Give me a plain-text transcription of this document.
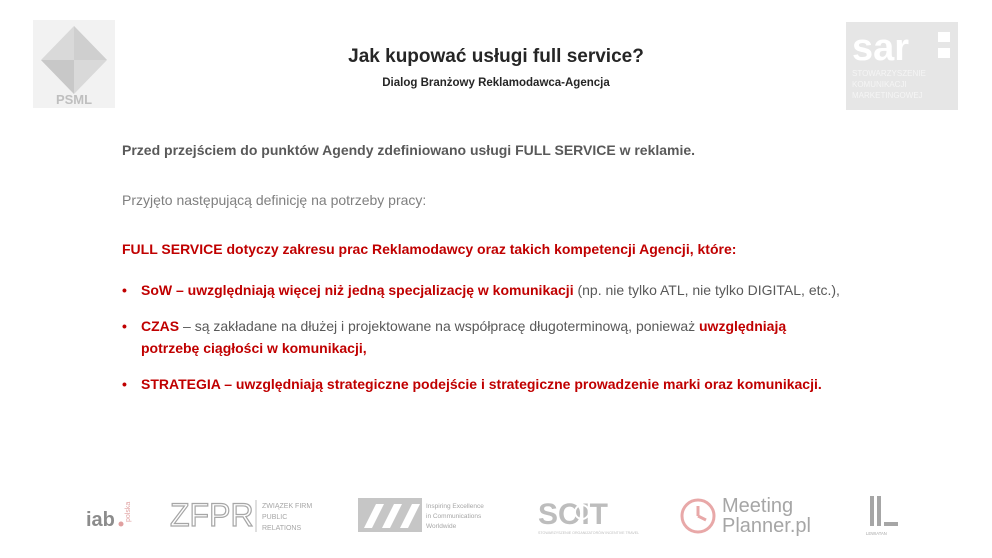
PSML
sar
STOWARZYSZENIE
KOMUNIKACJI
MARKETINGOWEJ
Jak kupować usługi full service?
Dialog Branżowy Reklamodawca-Agencja
Przed przejściem do punktów Agendy zdefiniowano usługi FULL SERVICE w reklamie.
Przyjęto następującą definicję na potrzeby pracy:
FULL SERVICE dotyczy zakresu prac Reklamodawcy oraz takich kompetencji Agencji, które:
• SoW – uwzględniają więcej niż jedną specjalizację w komunikacji (np. nie tylko ATL, nie tylko DIGITAL, etc.),
• CZAS – są zakładane na dłużej i projektowane na współpracę długoterminową, ponieważ uwzględniają potrzebę ciągłości w komunikacji,
• STRATEGIA – uwzględniają strategiczne podejście i strategiczne prowadzenie marki oraz komunikacji.
iab polska ZFPR ZWIĄZEK FIRM
PUBLIC
RELATIONS
Inspiring Excellence
in Communications
Worldwide	SOIT
STOWARZYSZENIE ORGANIZATORÓW INCENTIVE TRAVEL
Meeting
Planner.pl	LEWIATAN
